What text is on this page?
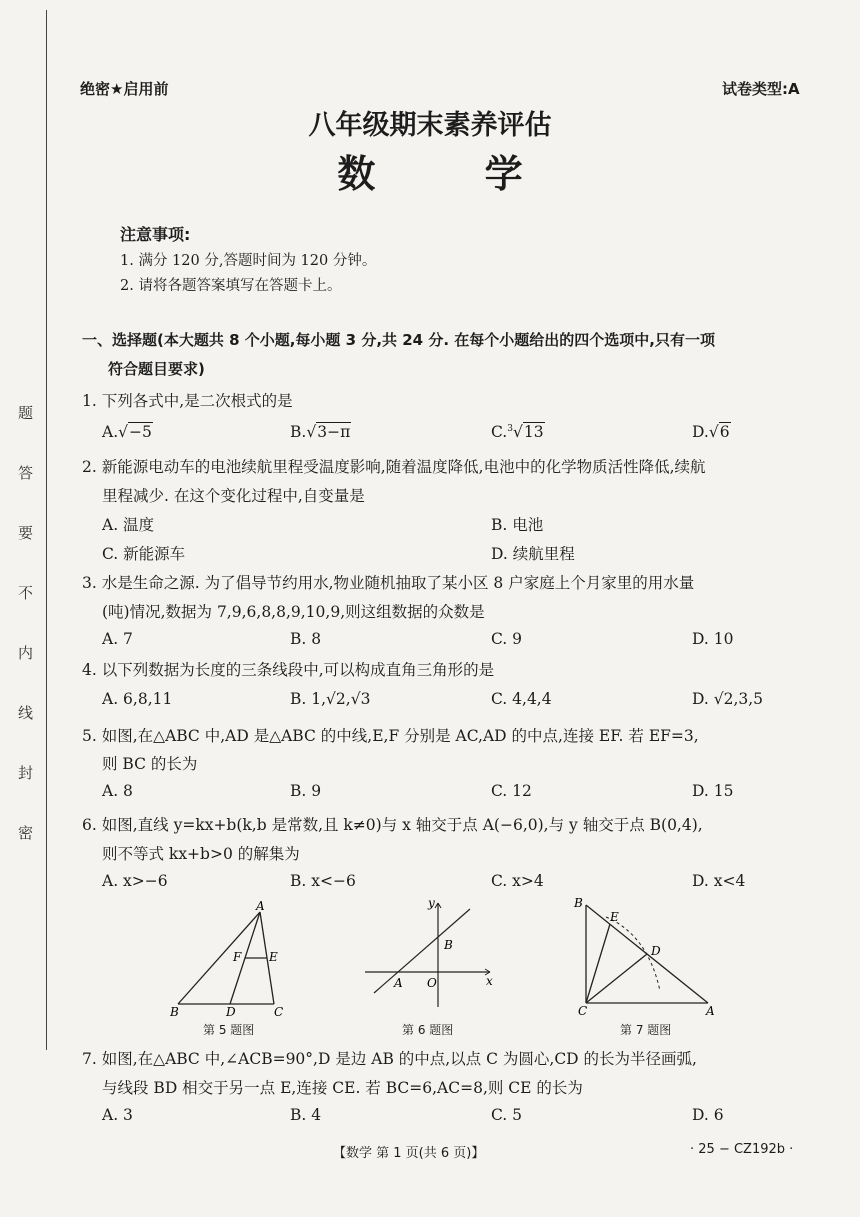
题
答
要
不
内
线
封
密
绝密★启用前	试卷类型:A
八年级期末素养评估
数 学
注意事项:
1. 满分 120 分,答题时间为 120 分钟。
2. 请将各题答案填写在答题卡上。
一、选择题(本大题共 8 个小题,每小题 3 分,共 24 分. 在每个小题给出的四个选项中,只有一项
符合题目要求)
1. 下列各式中,是二次根式的是
A.√−5	B.√3−π	C.$^3$√13	D.√6
2. 新能源电动车的电池续航里程受温度影响,随着温度降低,电池中的化学物质活性降低,续航
里程减少. 在这个变化过程中,自变量是
A. 温度	B. 电池
C. 新能源车	D. 续航里程
3. 水是生命之源. 为了倡导节约用水,物业随机抽取了某小区 8 户家庭上个月家里的用水量
(吨)情况,数据为 7,9,6,8,8,9,10,9,则这组数据的众数是
A. 7	B. 8	C. 9	D. 10
4. 以下列数据为长度的三条线段中,可以构成直角三角形的是
A. 6,8,11	B. 1,√2,√3	C. 4,4,4	D. √2,3,5
5. 如图,在△ABC 中,AD 是△ABC 的中线,E,F 分别是 AC,AD 的中点,连接 EF. 若 EF=3,
则 BC 的长为
A. 8	B. 9	C. 12	D. 15
6. 如图,直线 y=kx+b(k,b 是常数,且 k≠0)与 x 轴交于点 A(−6,0),与 y 轴交于点 B(0,4),
则不等式 kx+b>0 的解集为
A. x>−6	B. x<−6	C. x>4	D. x<4
A
B	C
D
E
F
第 5 题图
y
x
A
B
O
第 6 题图
B
E
D
C	A
第 7 题图
7. 如图,在△ABC 中,∠ACB=90°,D 是边 AB 的中点,以点 C 为圆心,CD 的长为半径画弧,
与线段 BD 相交于另一点 E,连接 CE. 若 BC=6,AC=8,则 CE 的长为
A. 3	B. 4	C. 5	D. 6
【数学 第 1 页(共 6 页)】	· 25 − CZ192b ·
